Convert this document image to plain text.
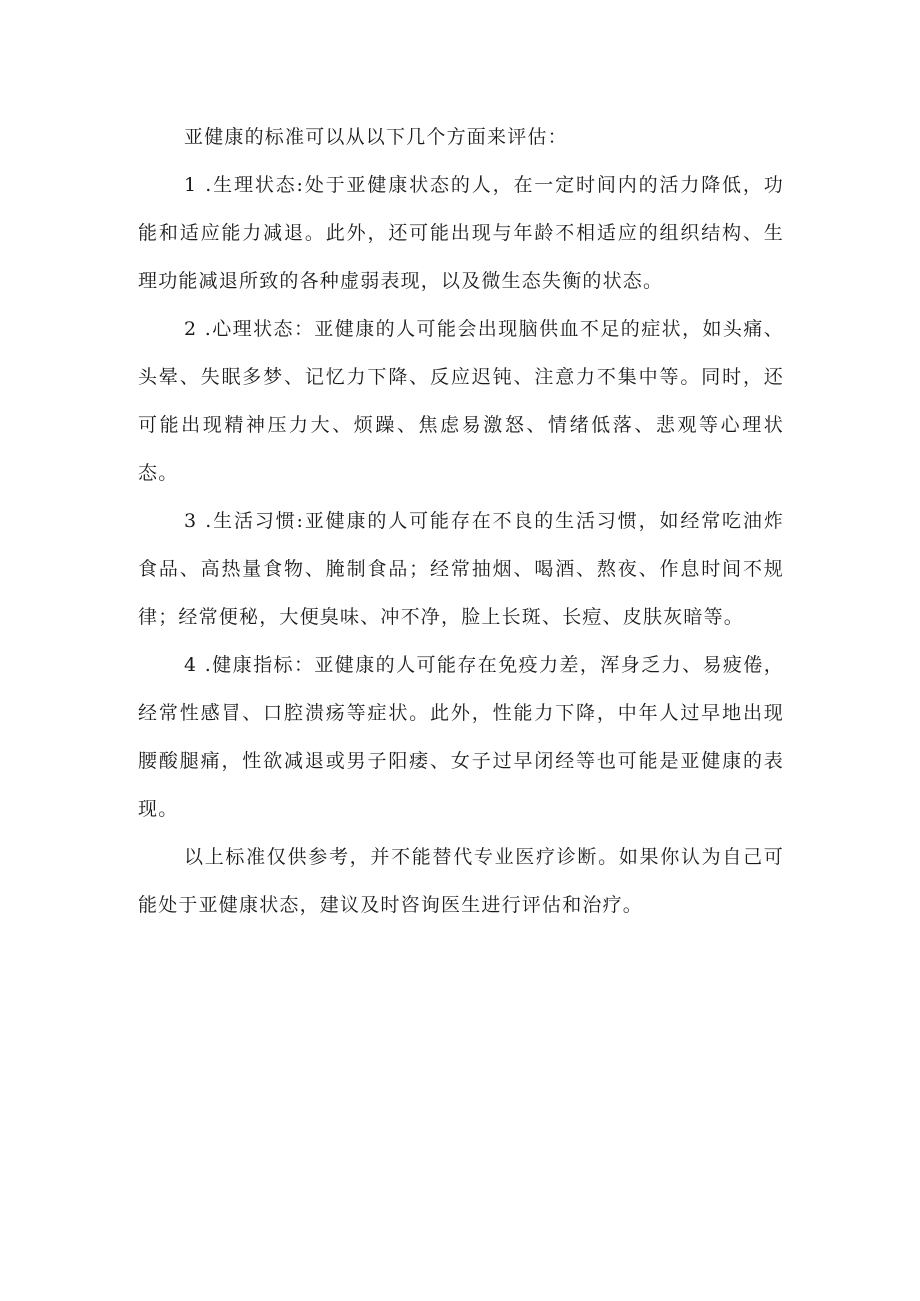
亚健康的标准可以从以下几个方面来评估：

1 .生理状态:处于亚健康状态的人，在一定时间内的活力降低，功能和适应能力减退。此外，还可能出现与年龄不相适应的组织结构、生理功能减退所致的各种虚弱表现，以及微生态失衡的状态。

2 .心理状态：亚健康的人可能会出现脑供血不足的症状，如头痛、头晕、失眠多梦、记忆力下降、反应迟钝、注意力不集中等。同时，还可能出现精神压力大、烦躁、焦虑易激怒、情绪低落、悲观等心理状态。

3 .生活习惯:亚健康的人可能存在不良的生活习惯，如经常吃油炸食品、高热量食物、腌制食品；经常抽烟、喝酒、熬夜、作息时间不规律；经常便秘，大便臭味、冲不净，脸上长斑、长痘、皮肤灰暗等。

4 .健康指标：亚健康的人可能存在免疫力差，浑身乏力、易疲倦，经常性感冒、口腔溃疡等症状。此外，性能力下降，中年人过早地出现腰酸腿痛，性欲减退或男子阳痿、女子过早闭经等也可能是亚健康的表现。

以上标准仅供参考，并不能替代专业医疗诊断。如果你认为自己可能处于亚健康状态，建议及时咨询医生进行评估和治疗。
